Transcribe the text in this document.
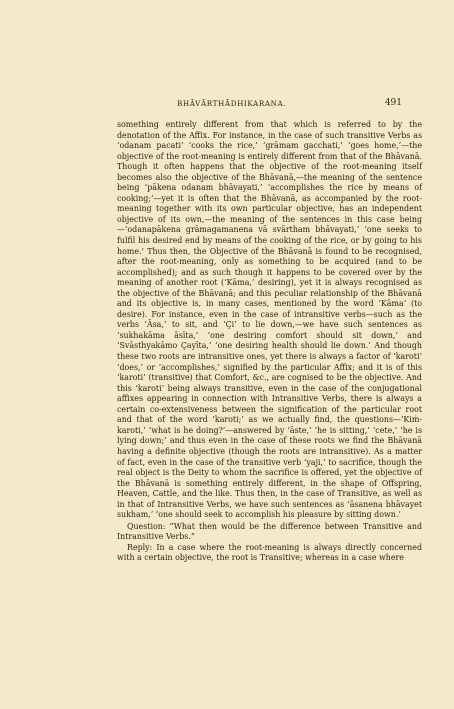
BHĀVĀRTHĀDHIKARAṆA.	491

something entirely different from that which is referred to by the denotation of the Affix. For instance, in the case of such transitive Verbs as ‘odanam pacati’ ‘cooks the rice,’ ‘grāmam gacchati,’ ‘goes home,’—the objective of the root-meaning is entirely different from that of the Bhāvanā. Though it often happens that the objective of the root-meaning itself becomes also the objective of the Bhāvanā,—the meaning of the sentence being ‘pākena odanam bhāvayati,’ ‘accomplishes the rice by means of cooking;’—yet it is often that the Bhāvanā, as accompanied by the root-meaning together with its own particular objective, has an independent objective of its own,—the meaning of the sentences in this case being—‘odanapākena grāmagamanena vā svārtham bhāvayati,’ ‘one seeks to fulfil his desired end by means of the cooking of the rice, or by going to his home.’ Thus then, the Objective of the Bhāvanā is found to be recognised, after the root-meaning, only as something to be acquired (and to be accomplished); and as such though it happens to be covered over by the meaning of another root (‘Kāma,’ desiring), yet it is always recognised as the objective of the Bhāvanā; and this peculiar relationship of the Bhāvanā and its objective is, in many cases, mentioned by the word ‘Kāma’ (to desire). For instance, even in the case of intransitive verbs—such as the verbs ‘Āsa,’ to sit, and ‘Çi’ to lie down,—we have such sentences as ‘sukhakāma āsīta,’ ‘one desiring comfort should sit down,’ and ‘Svāsthyakāmo Çayīta,’ ‘one desiring health should lie down.’ And though these two roots are intransitive ones, yet there is always a factor of ‘karoti’ ‘does,’ or ‘accomplishes,’ signified by the particular Affix; and it is of this ‘karoti’ (transitive) that Comfort, &c., are cognised to be the objective. And this ‘karoti’ being always transitive, even in the case of the conjugational affixes appearing in connection with Intransitive Verbs, there is always a certain co-extensiveness between the signification of the particular root and that of the word ‘karoti;’ as we actually find, the questions—‘Kiṁ-karoti,’ ‘what is he doing?’—answered by ‘āste,’ ‘he is sitting,’ ‘cete,’ ‘he is lying down;’ and thus even in the case of these roots we find the Bhāvanā having a definite objective (though the roots are intransitive). As a matter of fact, even in the case of the transitive verb ‘yaji,’ to sacrifice, though the real object is the Deity to whom the sacrifice is offered, yet the objective of the Bhāvanā is something entirely different, in the shape of Offspring, Heaven, Cattle, and the like. Thus then, in the case of Transitive, as well as in that of Intransitive Verbs, we have such sentences as ‘āsanena bhāvayet sukham,’ ‘one should seek to accomplish his pleasure by sitting down.’

Question: “What then would be the difference between Transitive and Intransitive Verbs.”

Reply: In a case where the root-meaning is always directly concerned with a certain objective, the root is Transitive; whereas in a case where
